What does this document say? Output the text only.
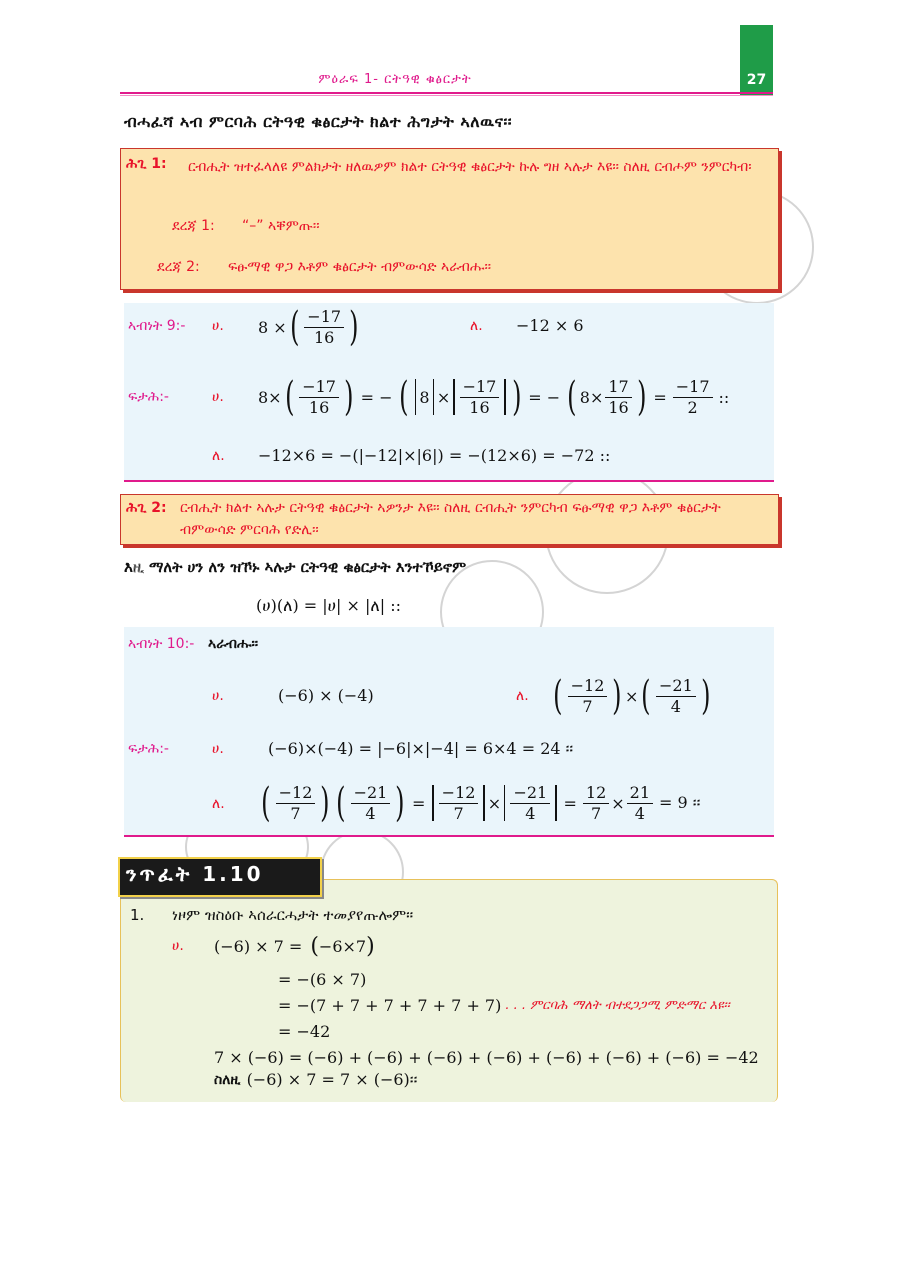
27
ምዕራፍ 1- ርትዓዊ ቁፅርታት
ብሓፈሻ ኣብ ምርባሕ ርትዓዊ ቁፅርታት ክልተ ሕግታት ኣለዉና፡፡
ሕጊ 1:	ርብሒት ዝተፈላለዩ ምልክታት ዘለዉዎም ክልተ ርትዓዊ ቁፅርታት ኩሉ ግዘ ኣሉታ እዩ፡፡ ስለዚ ርብሖም ንምርካብ፡
ደረጃ 1: “–” ኣቐምጡ፡፡
ደረጃ 2: ፍፁማዊ ዋጋ እቶም ቁፅርታት ብምውሳድ ኣራብሑ፡፡
ኣብነት 9:- ሀ. 8 × ( $\frac{-17}{16}$ )	ለ. −12 × 6
ፍታሕ:-	ሀ. 8× ( $\frac{-17}{16}$ ) = − ( $8 \times \frac{-17}{16}$ ) = − ( $8\times \frac{17}{16}$ ) = $\frac{-17}{2}$ ::
ለ. −12×6 = −(|−12|×|6|) = −(12×6) = −72 ::
ሕጊ 2: ርብሒት ክልተ ኣሉታ ርትዓዊ ቁፅርታት ኣዎንታ እዩ፡፡ ስለዚ ርብሒት ንምርካብ ፍፁማዊ ዋጋ እቶም ቁፅርታት ብምውሳድ ምርባሕ የድሊ፡፡
እዚ ማለት ሀን ለን ዝኾኑ ኣሉታ ርትዓዊ ቁፅርታት እንተኾይኖም
(ሀ)(ለ) = |ሀ| × |ለ| ::
ኣብነት 10:- ኣራብሑ፡፡
ሀ.	(−6) × (−4)	ለ. ( $\frac{-12}{7}$ ) × ( $\frac{-21}{4}$ )
ፍታሕ:-	ሀ.	(−6)×(−4) = |−6|×|−4| = 6×4 = 24 ፡፡
ለ. ( $\frac{-12}{7}$ ) ( $\frac{-21}{4}$ ) = $\frac{-12}{7} \times \frac{-21}{4} = \frac{12}{7} \times \frac{21}{4} = 9$ ፡፡
ንጥፈት 1.10
1. ነዞም ዝስዕቡ ኣሰራርሓታት ተመያየጡሎም፡፡
ሀ. (−6) × 7 = ( −6×7 )
= −(6 × 7)
= −(7 + 7 + 7 + 7 + 7 + 7) . . . ምርባሕ ማለት ብተደጋጋሚ ምድማር እዩ፡፡
= −42
7 × (−6) = (−6) + (−6) + (−6) + (−6) + (−6) + (−6) + (−6) = −42
ስለዚ (−6) × 7 = 7 × (−6)፡፡
